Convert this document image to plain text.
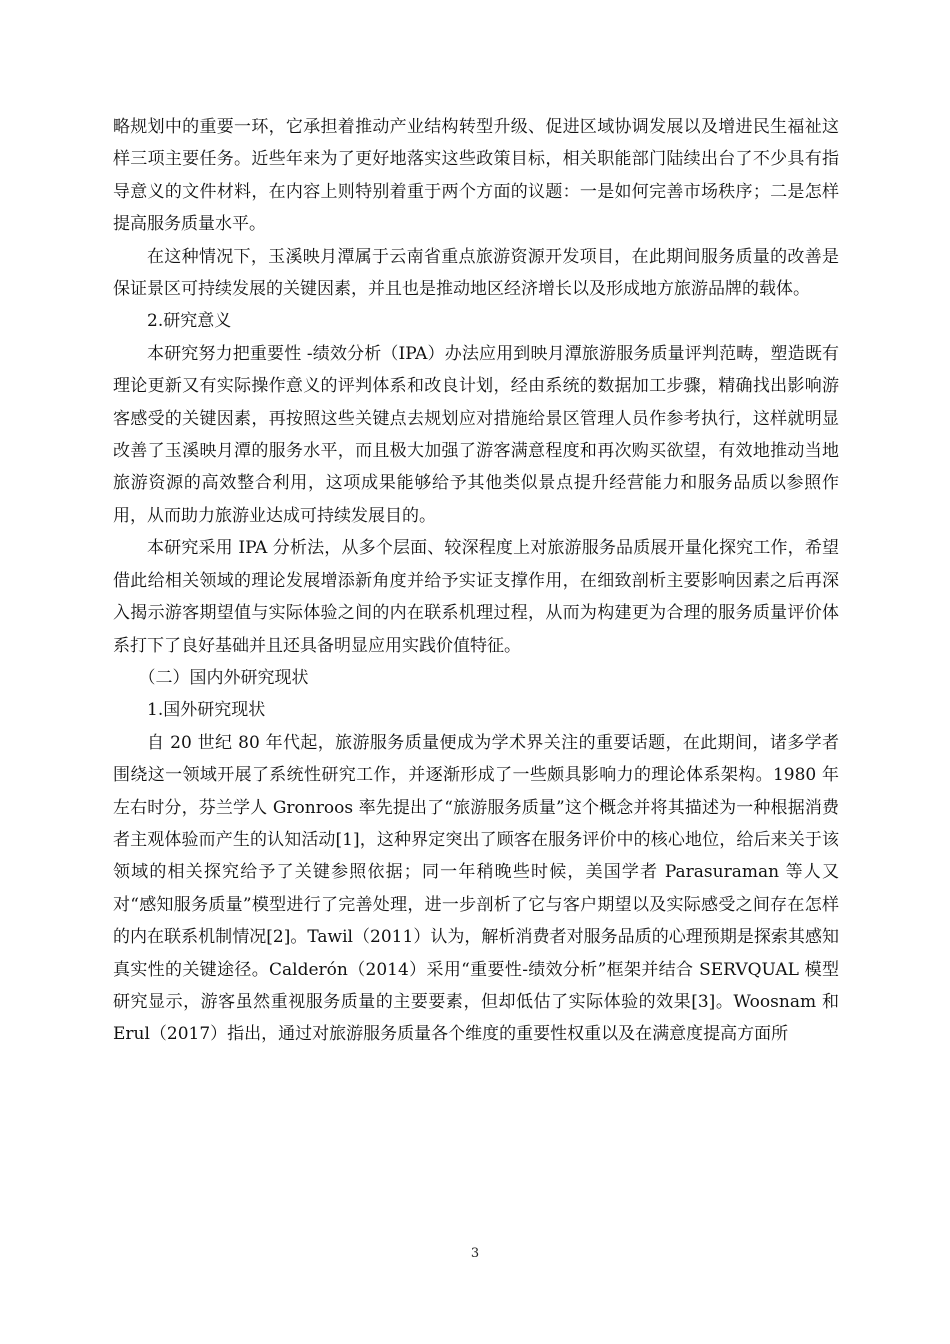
略规划中的重要一环，它承担着推动产业结构转型升级、促进区域协调发展以及增进民生福祉这样三项主要任务。近些年来为了更好地落实这些政策目标，相关职能部门陆续出台了不少具有指导意义的文件材料，在内容上则特别着重于两个方面的议题：一是如何完善市场秩序；二是怎样提高服务质量水平。

在这种情况下，玉溪映月潭属于云南省重点旅游资源开发项目，在此期间服务质量的改善是保证景区可持续发展的关键因素，并且也是推动地区经济增长以及形成地方旅游品牌的载体。

2.研究意义

本研究努力把重要性 -绩效分析（IPA）办法应用到映月潭旅游服务质量评判范畴，塑造既有理论更新又有实际操作意义的评判体系和改良计划，经由系统的数据加工步骤，精确找出影响游客感受的关键因素，再按照这些关键点去规划应对措施给景区管理人员作参考执行，这样就明显改善了玉溪映月潭的服务水平，而且极大加强了游客满意程度和再次购买欲望，有效地推动当地旅游资源的高效整合利用，这项成果能够给予其他类似景点提升经营能力和服务品质以参照作用，从而助力旅游业达成可持续发展目的。

本研究采用 IPA 分析法，从多个层面、较深程度上对旅游服务品质展开量化探究工作，希望借此给相关领域的理论发展增添新角度并给予实证支撑作用，在细致剖析主要影响因素之后再深入揭示游客期望值与实际体验之间的内在联系机理过程，从而为构建更为合理的服务质量评价体系打下了良好基础并且还具备明显应用实践价值特征。

（二）国内外研究现状

1.国外研究现状

自 20 世纪 80 年代起，旅游服务质量便成为学术界关注的重要话题，在此期间，诸多学者围绕这一领域开展了系统性研究工作，并逐渐形成了一些颇具影响力的理论体系架构。1980 年左右时分，芬兰学人 Gronroos 率先提出了“旅游服务质量”这个概念并将其描述为一种根据消费者主观体验而产生的认知活动[1]，这种界定突出了顾客在服务评价中的核心地位，给后来关于该领域的相关探究给予了关键参照依据；同一年稍晚些时候，美国学者 Parasuraman 等人又对“感知服务质量”模型进行了完善处理，进一步剖析了它与客户期望以及实际感受之间存在怎样的内在联系机制情况[2]。Tawil（2011）认为，解析消费者对服务品质的心理预期是探索其感知真实性的关键途径。Calderón（2014）采用“重要性-绩效分析”框架并结合 SERVQUAL 模型研究显示，游客虽然重视服务质量的主要要素，但却低估了实际体验的效果[3]。Woosnam 和 Erul（2017）指出，通过对旅游服务质量各个维度的重要性权重以及在满意度提高方面所

3
